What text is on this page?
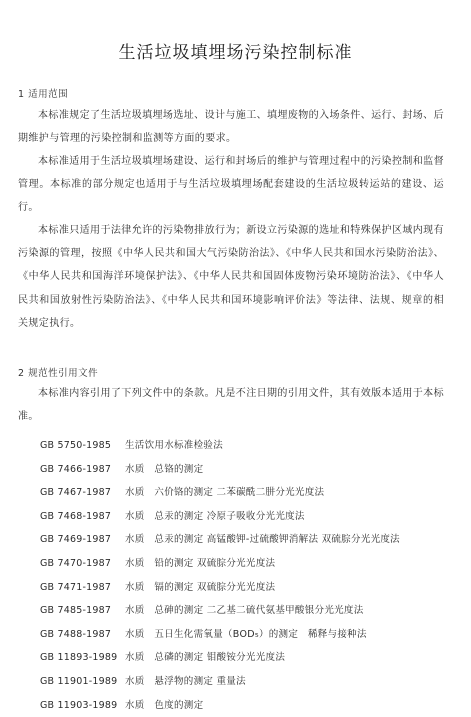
生活垃圾填埋场污染控制标准
1 适用范围

本标准规定了生活垃圾填埋场选址、设计与施工、填埋废物的入场条件、运行、封场、后期维护与管理的污染控制和监测等方面的要求。

本标准适用于生活垃圾填埋场建设、运行和封场后的维护与管理过程中的污染控制和监督管理。本标准的部分规定也适用于与生活垃圾填埋场配套建设的生活垃圾转运站的建设、运行。

本标准只适用于法律允许的污染物排放行为；新设立污染源的选址和特殊保护区域内现有污染源的管理，按照《中华人民共和国大气污染防治法》、《中华人民共和国水污染防治法》、《中华人民共和国海洋环境保护法》、《中华人民共和国固体废物污染环境防治法》、《中华人民共和国放射性污染防治法》、《中华人民共和国环境影响评价法》等法律、法规、规章的相关规定执行。

2 规范性引用文件

本标准内容引用了下列文件中的条款。凡是不注日期的引用文件，其有效版本适用于本标准。

GB 5750-1985 生活饮用水标准检验法
GB 7466-1987 水质　总铬的测定
GB 7467-1987 水质　六价铬的测定 二苯碳酰二肼分光光度法
GB 7468-1987 水质　总汞的测定 冷原子吸收分光光度法
GB 7469-1987 水质　总汞的测定 高锰酸钾-过硫酸钾消解法 双硫腙分光光度法
GB 7470-1987 水质　铅的测定 双硫腙分光光度法
GB 7471-1987 水质　镉的测定 双硫腙分光光度法
GB 7485-1987 水质　总砷的测定 二乙基二硫代氨基甲酸银分光光度法
GB 7488-1987 水质　五日生化需氧量（BOD₅）的测定　稀释与接种法
GB 11893-1989 水质　总磷的测定 钼酸铵分光光度法
GB 11901-1989 水质　悬浮物的测定 重量法
GB 11903-1989 水质　色度的测定
